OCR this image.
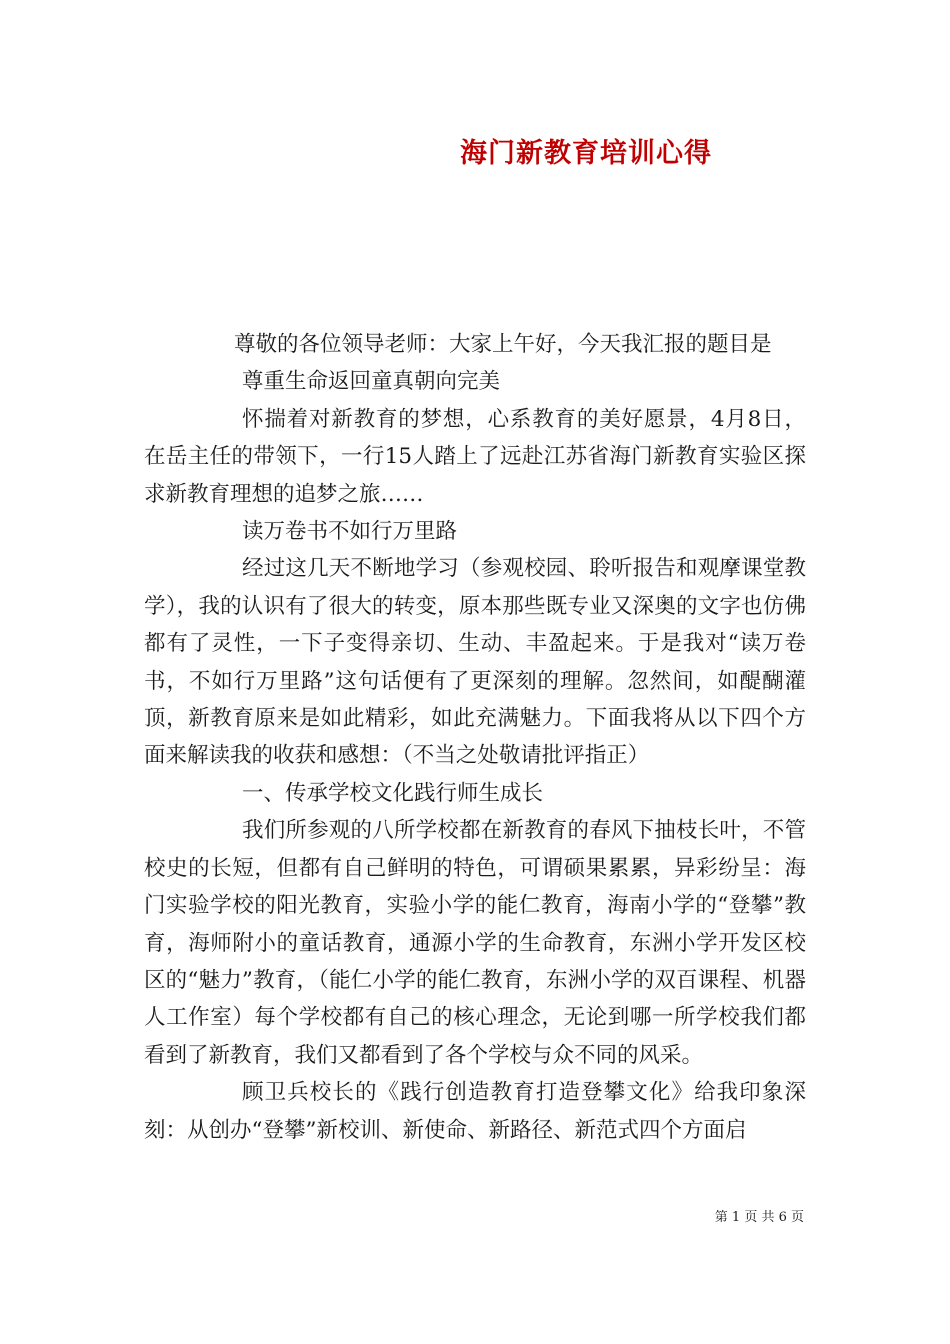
海门新教育培训心得

尊敬的各位领导老师：大家上午好，今天我汇报的题目是

尊重生命返回童真朝向完美

怀揣着对新教育的梦想，心系教育的美好愿景，4月8日，在岳主任的带领下，一行15人踏上了远赴江苏省海门新教育实验区探求新教育理想的追梦之旅……

读万卷书不如行万里路

经过这几天不断地学习（参观校园、聆听报告和观摩课堂教学），我的认识有了很大的转变，原本那些既专业又深奥的文字也仿佛都有了灵性，一下子变得亲切、生动、丰盈起来。于是我对“读万卷书，不如行万里路”这句话便有了更深刻的理解。忽然间，如醍醐灌顶，新教育原来是如此精彩，如此充满魅力。下面我将从以下四个方面来解读我的收获和感想：（不当之处敬请批评指正）

一、传承学校文化践行师生成长

我们所参观的八所学校都在新教育的春风下抽枝长叶，不管校史的长短，但都有自己鲜明的特色，可谓硕果累累，异彩纷呈：海门实验学校的阳光教育，实验小学的能仁教育，海南小学的“登攀”教育，海师附小的童话教育，通源小学的生命教育，东洲小学开发区校区的“魅力”教育，（能仁小学的能仁教育，东洲小学的双百课程、机器人工作室）每个学校都有自己的核心理念，无论到哪一所学校我们都看到了新教育，我们又都看到了各个学校与众不同的风采。

顾卫兵校长的《践行创造教育打造登攀文化》给我印象深刻：从创办“登攀”新校训、新使命、新路径、新范式四个方面启

第 1 页 共 6 页
